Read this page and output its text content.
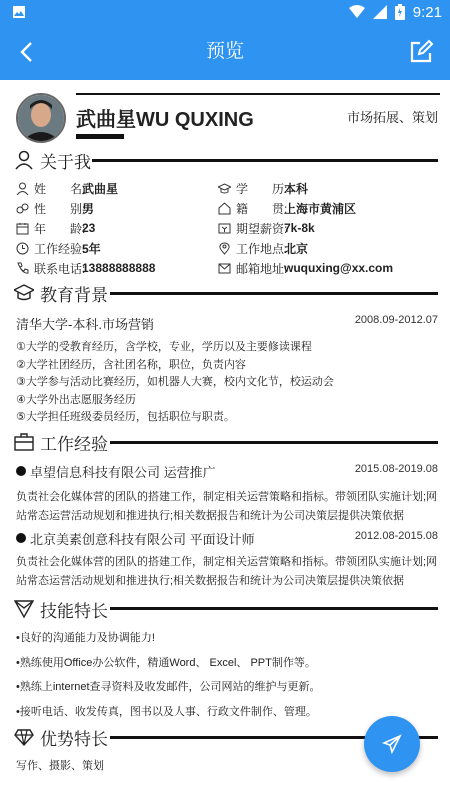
9:21
预览
武曲星WU QUXING	市场拓展、策划
关于我
姓　　名:
武曲星
性　　别:
男
年　　龄:
23
工作经验:
5年
联系电话:
13888888888
学　　历:
本科
籍　　贯:
上海市黄浦区
期望薪资:
7k-8k
工作地点:
北京
邮箱地址:
wuquxing@xx.com
教育背景
清华大学-本科.市场营销	2008.09-2012.07
①大学的受教育经历，含学校，专业，学历以及主要修读课程
②大学社团经历，含社团名称，职位，负责内容
③大学参与活动比赛经历，如机器人大赛，校内文化节，校运动会
④大学外出志愿服务经历
⑤大学担任班级委员经历，包括职位与职责。
工作经验
卓望信息科技有限公司 运营推广	2015.08-2019.08
负责社会化媒体营的团队的搭建工作，制定相关运营策略和指标。带领团队实施计划;网站常态运营活动规划和推进执行;相关数据报告和统计为公司决策层提供决策依据
北京美素创意科技有限公司 平面设计师	2012.08-2015.08
负责社会化媒体营的团队的搭建工作，制定相关运营策略和指标。带领团队实施计划;网站常态运营活动规划和推进执行;相关数据报告和统计为公司决策层提供决策依据
技能特长
•良好的沟通能力及协调能力!
•熟练使用Office办公软件，精通Word、 Excel、 PPT制作等。
•熟练上internet查寻资料及收发邮件，公司网站的维护与更新。
•接听电话、收发传真，图书以及人事、行政文件制作、管理。
优势特长
写作、摄影、策划
